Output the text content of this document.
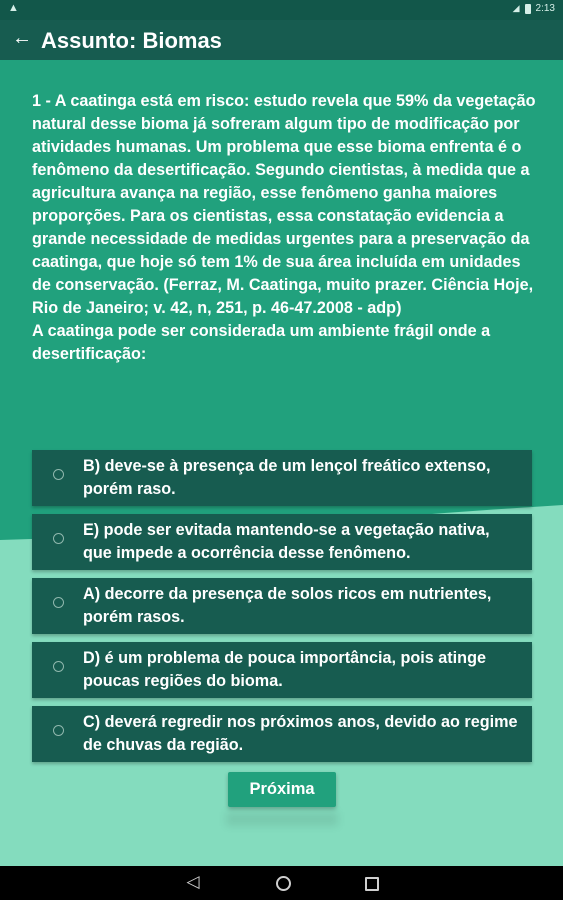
▲	◢ 2:13
← Assunto: Biomas
1 - A caatinga está em risco: estudo revela que 59% da vegetação natural desse bioma já sofreram algum tipo de modificação por atividades humanas. Um problema que esse bioma enfrenta é o fenômeno da desertificação. Segundo cientistas, à medida que a agricultura avança na região, esse fenômeno ganha maiores proporções. Para os cientistas, essa constatação evidencia a grande necessidade de medidas urgentes para a preservação da caatinga, que hoje só tem 1% de sua área incluída em unidades de conservação. (Ferraz, M. Caatinga, muito prazer. Ciência Hoje, Rio de Janeiro; v. 42, n, 251, p. 46-47.2008 - adp)
A caatinga pode ser considerada um ambiente frágil onde a desertificação:
B) deve-se à presença de um lençol freático extenso, porém raso.
E) pode ser evitada mantendo-se a vegetação nativa, que impede a ocorrência desse fenômeno.
A) decorre da presença de solos ricos em nutrientes, porém rasos.
D) é um problema de pouca importância, pois atinge poucas regiões do bioma.
C) deverá regredir nos próximos anos, devido ao regime de chuvas da região.
Próxima
◁
